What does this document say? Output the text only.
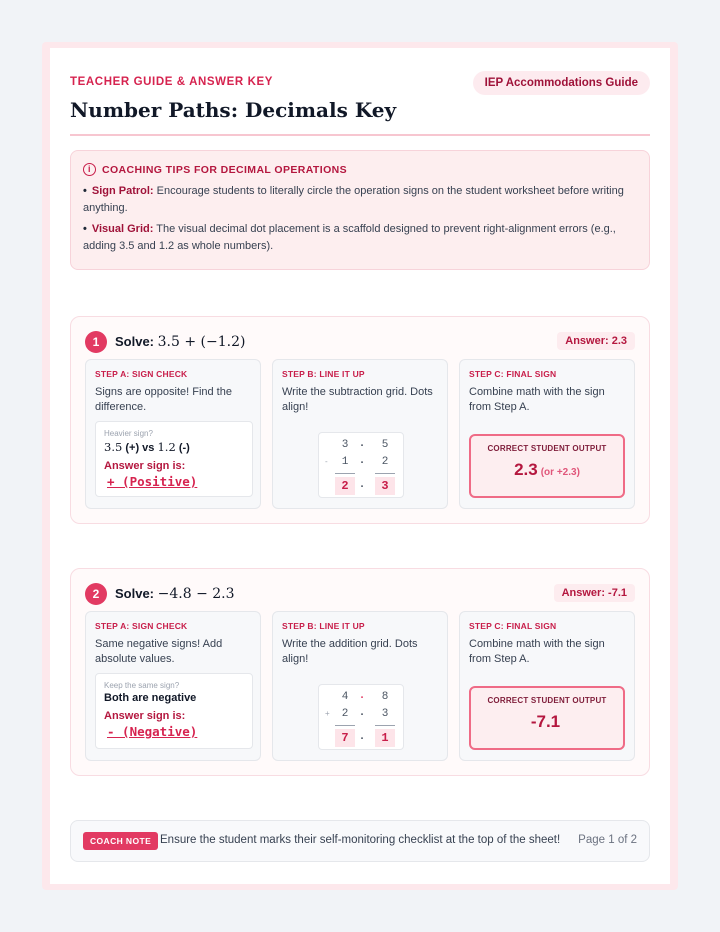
TEACHER GUIDE & ANSWER KEY	IEP Accommodations Guide
Number Paths: Decimals Key
i	COACHING TIPS FOR DECIMAL OPERATIONS
• Sign Patrol: Encourage students to literally circle the operation signs on the student worksheet before writing anything.
• Visual Grid: The visual decimal dot placement is a scaffold designed to prevent right-alignment errors (e.g., adding 3.5 and 1.2 as whole numbers).
1	Solve: 3.5 + (−1.2)	Answer: 2.3
STEP A: SIGN CHECK
Signs are opposite! Find the difference.
Heavier sign?
3.5 (+) vs 1.2 (-)
Answer sign is:
+ (Positive)
STEP B: LINE IT UP
Write the subtraction grid. Dots align!
3	.	5
-	1	.	2
2	.	3
STEP C: FINAL SIGN
Combine math with the sign from Step A.
CORRECT STUDENT OUTPUT
2.3 (or +2.3)
2	Solve: −4.8 − 2.3	Answer: -7.1
STEP A: SIGN CHECK
Same negative signs! Add absolute values.
Keep the same sign?
Both are negative
Answer sign is:
- (Negative)
STEP B: LINE IT UP
Write the addition grid. Dots align!
4	.	8
+	2	.	3
7	.	1
STEP C: FINAL SIGN
Combine math with the sign from Step A.
CORRECT STUDENT OUTPUT
-7.1
COACH NOTE Ensure the student marks their self-monitoring checklist at the top of the sheet! Page 1 of 2
